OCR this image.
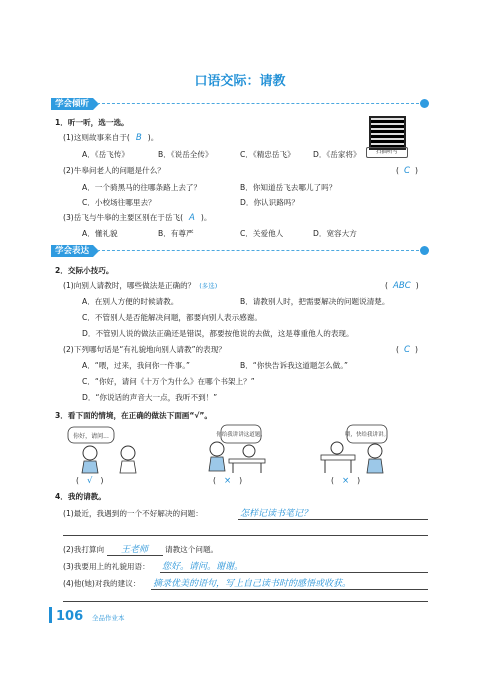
口语交际：请教
学会倾听
1．听一听，选一选。
(1)这则故事来自于( B )。
A．《岳飞传》	B．《说岳全传》	C．《精忠岳飞》 D．《岳家将》	扫描听写
(2)牛皋问老人的问题是什么？	( C )
A．一个骑黑马的往哪条路上去了？	B．你知道岳飞去哪儿了吗？
C．小校场往哪里去？	D．你认识路吗？
(3)岳飞与牛皋的主要区别在于岳飞( A )。
A．懂礼貌	B．有尊严	C．关爱他人	D．宽容大方
学会表达
2．交际小技巧。
(1)向别人请教时，哪些做法是正确的？ (多选)	( ABC )
A．在别人方便的时候请教。	B．请教别人时，把需要解决的问题说清楚。
C．不管别人是否能解决问题，都要向别人表示感谢。
D．不管别人说的做法正确还是错误，都要按他说的去做，这是尊重他人的表现。
(2)下列哪句话是“有礼貌地向别人请教”的表现？	( C )
A．“喂，过来，我问你一件事。”	B．“你快告诉我这道题怎么做。”
C．“你好，请问《十万个为什么》在哪个书架上？”
D．“你说话的声音大一点，我听不到！”
3．看下面的情境，在正确的做法下面画“√”。
你好，请问...	你给我讲讲这道题。	喂，快给我讲讲。
( √ )	( × )	( × )
4．我的请教。
(1)最近，我遇到的一个不好解决的问题：	怎样记读书笔记？
(2)我打算向 王老师 请教这个问题。
(3)我要用上的礼貌用语： 您好。请问。谢谢。
(4)他(她)对我的建议： 摘录优美的语句，写上自己读书时的感悟或收获。
106 全品作业本
